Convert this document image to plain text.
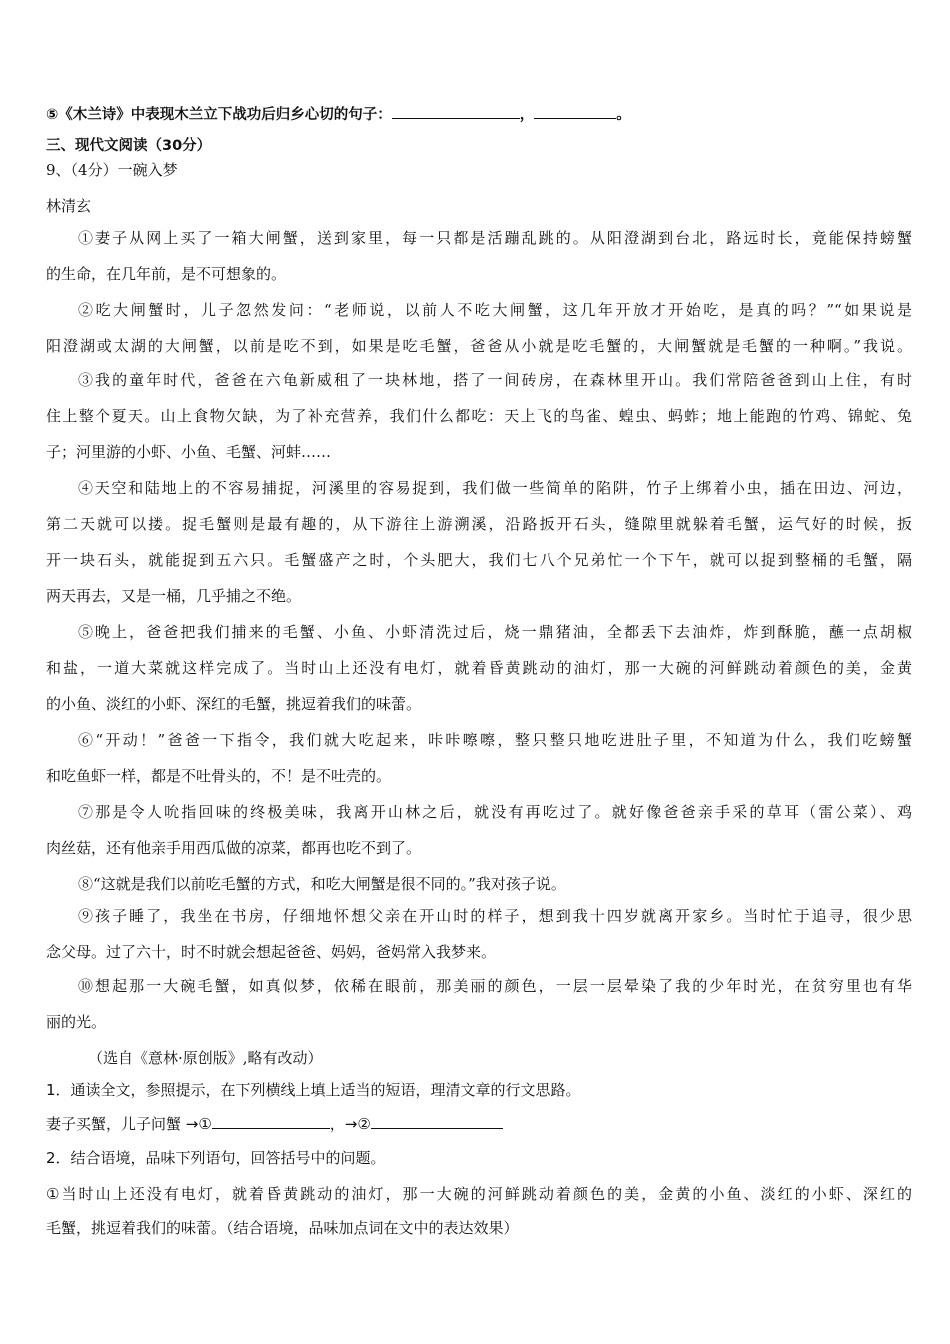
⑤《木兰诗》中表现木兰立下战功后归乡心切的句子：	，	。
三、现代文阅读（30分）
9、（4分）一碗入梦
林清玄
①妻子从网上买了一箱大闸蟹，送到家里，每一只都是活蹦乱跳的。从阳澄湖到台北，路远时长，竟能保持螃蟹
的生命，在几年前，是不可想象的。
②吃大闸蟹时，儿子忽然发问：“老师说，以前人不吃大闸蟹，这几年开放才开始吃，是真的吗？”“如果说是
阳澄湖或太湖的大闸蟹，以前是吃不到，如果是吃毛蟹，爸爸从小就是吃毛蟹的，大闸蟹就是毛蟹的一种啊。”我说。
③我的童年时代，爸爸在六龟新威租了一块林地，搭了一间砖房，在森林里开山。我们常陪爸爸到山上住，有时
住上整个夏天。山上食物欠缺，为了补充营养，我们什么都吃：天上飞的鸟雀、蝗虫、蚂蚱；地上能跑的竹鸡、锦蛇、兔
子；河里游的小虾、小鱼、毛蟹、河蚌……
④天空和陆地上的不容易捕捉，河溪里的容易捉到，我们做一些简单的陷阱，竹子上绑着小虫，插在田边、河边，
第二天就可以搂。捉毛蟹则是最有趣的，从下游往上游溯溪，沿路扳开石头，缝隙里就躲着毛蟹，运气好的时候，扳
开一块石头，就能捉到五六只。毛蟹盛产之时，个头肥大，我们七八个兄弟忙一个下午，就可以捉到整桶的毛蟹，隔
两天再去，又是一桶，几乎捕之不绝。
⑤晚上，爸爸把我们捕来的毛蟹、小鱼、小虾清洗过后，烧一鼎猪油，全都丢下去油炸，炸到酥脆，蘸一点胡椒
和盐，一道大菜就这样完成了。当时山上还没有电灯，就着昏黄跳动的油灯，那一大碗的河鲜跳动着颜色的美，金黄
的小鱼、淡红的小虾、深红的毛蟹，挑逗着我们的味蕾。
⑥“开动！”爸爸一下指令，我们就大吃起来，咔咔嚓嚓，整只整只地吃进肚子里，不知道为什么，我们吃螃蟹
和吃鱼虾一样，都是不吐骨头的，不！是不吐壳的。
⑦那是令人吮指回味的终极美味，我离开山林之后，就没有再吃过了。就好像爸爸亲手采的草耳（雷公菜）、鸡
肉丝菇，还有他亲手用西瓜做的凉菜，都再也吃不到了。
⑧“这就是我们以前吃毛蟹的方式，和吃大闸蟹是很不同的。”我对孩子说。
⑨孩子睡了，我坐在书房，仔细地怀想父亲在开山时的样子，想到我十四岁就离开家乡。当时忙于追寻，很少思
念父母。过了六十，时不时就会想起爸爸、妈妈，爸妈常入我梦来。
⑩想起那一大碗毛蟹，如真似梦，依稀在眼前，那美丽的颜色，一层一层晕染了我的少年时光，在贫穷里也有华
丽的光。
（选自《意林·原创版》,略有改动）
1．通读全文，参照提示，在下列横线上填上适当的短语，理清文章的行文思路。
妻子买蟹，儿子问蟹 →①	，→②
2．结合语境，品味下列语句，回答括号中的问题。
①当时山上还没有电灯，就着昏黄跳动的油灯，那一大碗的河鲜跳动着颜色的美，金黄的小鱼、淡红的小虾、深红的
毛蟹，挑逗着我们的味蕾。（结合语境，品味加点词在文中的表达效果）
